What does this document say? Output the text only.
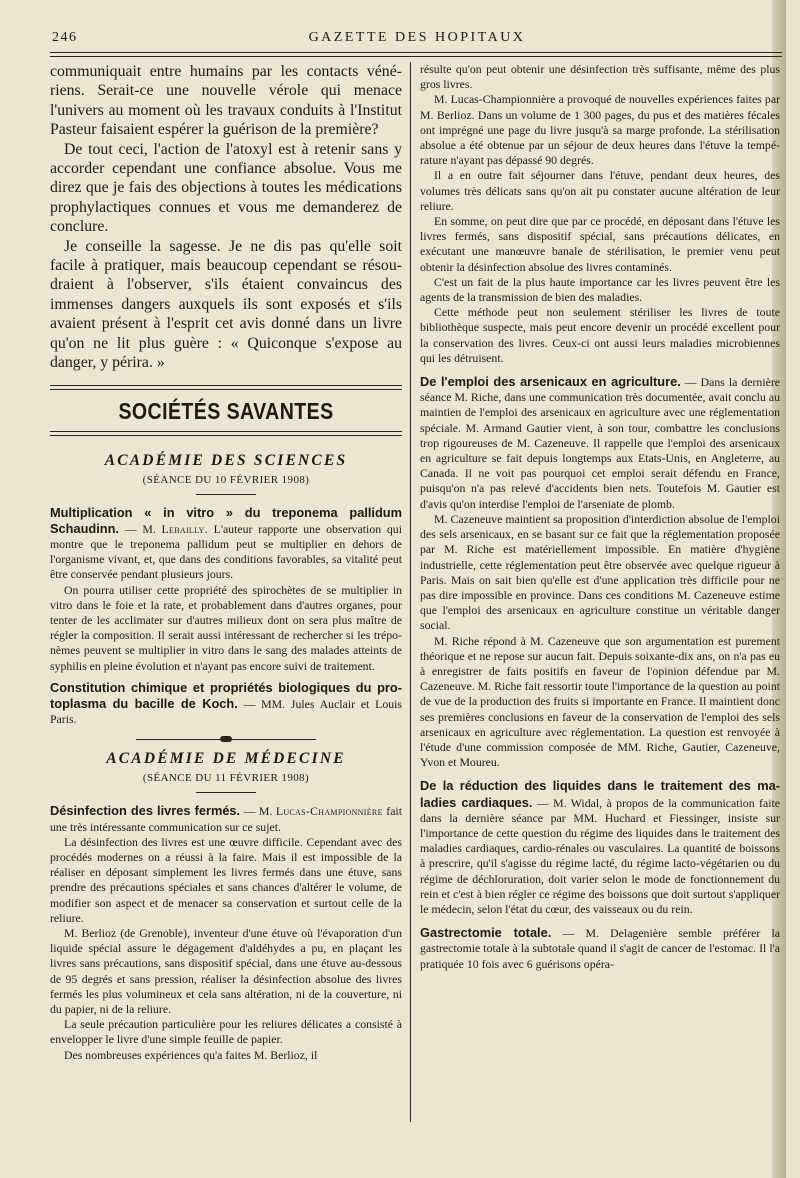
246	GAZETTE DES HOPITAUX

communiquait entre humains par les contacts vénériens. Serait-ce une nouvelle vérole qui menace l'univers au moment où les travaux conduits à l'Institut Pasteur faisaient espérer la guérison de la première?

De tout ceci, l'action de l'atoxyl est à retenir sans y accorder cependant une confiance absolue. Vous me direz que je fais des objections à toutes les médications prophylactiques connues et vous me demanderez de conclure.

Je conseille la sagesse. Je ne dis pas qu'elle soit facile à pratiquer, mais beaucoup cependant se résoudraient à l'observer, s'ils étaient convaincus des immenses dangers auxquels ils sont exposés et s'ils avaient présent à l'esprit cet avis donné dans un livre qu'on ne lit plus guère : « Quiconque s'expose au danger, y périra. »

SOCIÉTÉS SAVANTES
ACADÉMIE DES SCIENCES
(SÉANCE DU 10 FÉVRIER 1908)

Multiplication « in vitro » du treponema pallidum Schaudinn. — M. Lebailly. L'auteur rapporte une observation qui montre que le treponema pallidum peut se multiplier en dehors de l'organisme vivant, et, que dans des conditions favorables, sa vitalité peut être conservée pendant plusieurs jours.

On pourra utiliser cette propriété des spirochètes de se multiplier in vitro dans le foie et la rate, et probablement dans d'autres organes, pour tenter de les acclimater sur d'autres milieux dont on sera plus maître de régler la composition. Il serait aussi intéressant de rechercher si les tréponèmes peuvent se multiplier in vitro dans le sang des malades atteints de syphilis en pleine évolution et n'ayant pas encore suivi de traitement.

Constitution chimique et propriétés biologiques du protoplasma du bacille de Koch. — MM. Jules Auclair et Louis Paris.

ACADÉMIE DE MÉDECINE
(SÉANCE DU 11 FÉVRIER 1908)

Désinfection des livres fermés. — M. Lucas-Championnière fait une très intéressante communication sur ce sujet.

La désinfection des livres est une œuvre difficile. Cependant avec des procédés modernes on a réussi à la faire. Mais il est impossible de la réaliser en déposant simplement les livres fermés dans une étuve, sans prendre des précautions spéciales et sans chances d'altérer le volume, de modifier son aspect et de menacer sa conservation et surtout celle de la reliure.

M. Berlioz (de Grenoble), inventeur d'une étuve où l'évaporation d'un liquide spécial assure le dégagement d'aldéhydes a pu, en plaçant les livres sans précautions, sans dispositif spécial, dans une étuve au-dessous de 95 degrés et sans pression, réaliser la désinfection absolue des livres fermés les plus volumineux et cela sans altération, ni de la couverture, ni du papier, ni de la reliure.

La seule précaution particulière pour les reliures délicates a consisté à envelopper le livre d'une simple feuille de papier.

Des nombreuses expériences qu'a faites M. Berlioz, il

résulte qu'on peut obtenir une désinfection très suffisante, même des plus gros livres.

M. Lucas-Championnière a provoqué de nouvelles expériences faites par M. Berlioz. Dans un volume de 1 300 pages, du pus et des matières fécales ont imprégné une page du livre jusqu'à sa marge profonde. La stérilisation absolue a été obtenue par un séjour de deux heures dans l'étuve la température n'ayant pas dépassé 90 degrés.

Il a en outre fait séjourner dans l'étuve, pendant deux heures, des volumes très délicats sans qu'on ait pu constater aucune altération de leur reliure.

En somme, on peut dire que par ce procédé, en déposant dans l'étuve les livres fermés, sans dispositif spécial, sans précautions délicates, en exécutant une manœuvre banale de stérilisation, le premier venu peut obtenir la désinfection absolue des livres contaminés.

C'est un fait de la plus haute importance car les livres peuvent être les agents de la transmission de bien des maladies.

Cette méthode peut non seulement stériliser les livres de toute bibliothèque suspecte, mais peut encore devenir un procédé excellent pour la conservation des livres. Ceux-ci ont aussi leurs maladies microbiennes qui les détruisent.

De l'emploi des arsenicaux en agriculture. — Dans la dernière séance M. Riche, dans une communication très documentée, avait conclu au maintien de l'emploi des arsenicaux en agriculture avec une réglementation spéciale. M. Armand Gautier vient, à son tour, combattre les conclusions trop rigoureuses de M. Cazeneuve. Il rappelle que l'emploi des arsenicaux en agriculture se fait depuis longtemps aux Etats-Unis, en Angleterre, au Canada. Il ne voit pas pourquoi cet emploi serait défendu en France, puisqu'on n'a pas relevé d'accidents bien nets. Toutefois M. Gautier est d'avis qu'on interdise l'emploi de l'arseniate de plomb.

M. Cazeneuve maintient sa proposition d'interdiction absolue de l'emploi des sels arsenicaux, en se basant sur ce fait que la réglementation proposée par M. Riche est matériellement impossible. En matière d'hygiène industrielle, cette réglementation peut être observée avec quelque rigueur à Paris. Mais on sait bien qu'elle est d'une application très difficile pour ne pas dire impossible en province. Dans ces conditions M. Cazeneuve estime que l'emploi des arsenicaux en agriculture constitue un véritable danger social.

M. Riche répond à M. Cazeneuve que son argumentation est purement théorique et ne repose sur aucun fait. Depuis soixante-dix ans, on n'a pas eu à enregistrer de faits positifs en faveur de l'opinion défendue par M. Cazeneuve. M. Riche fait ressortir toute l'importance de la question au point de vue de la production des fruits si importante en France. Il maintient donc ses premières conclusions en faveur de la conservation de l'emploi des sels arsenicaux en agriculture avec réglementation. La question est renvoyée à l'étude d'une commission composée de MM. Riche, Gautier, Cazeneuve, Yvon et Moureu.

De la réduction des liquides dans le traitement des maladies cardiaques. — M. Widal, à propos de la communication faite dans la dernière séance par MM. Huchard et Fiessinger, insiste sur l'importance de cette question du régime des liquides dans le traitement des maladies cardiaques, cardio-rénales ou vasculaires. La quantité de boissons à prescrire, qu'il s'agisse du régime lacté, du régime lacto-végétarien ou du régime de déchloruration, doit varier selon le mode de fonctionnement du rein et c'est à bien régler ce régime des boissons que doit surtout s'appliquer le médecin, selon l'état du cœur, des vaisseaux ou du rein.

Gastrectomie totale. — M. Delagenière semble préférer la gastrectomie totale à la subtotale quand il s'agit de cancer de l'estomac. Il l'a pratiquée 10 fois avec 6 guérisons opéra-
